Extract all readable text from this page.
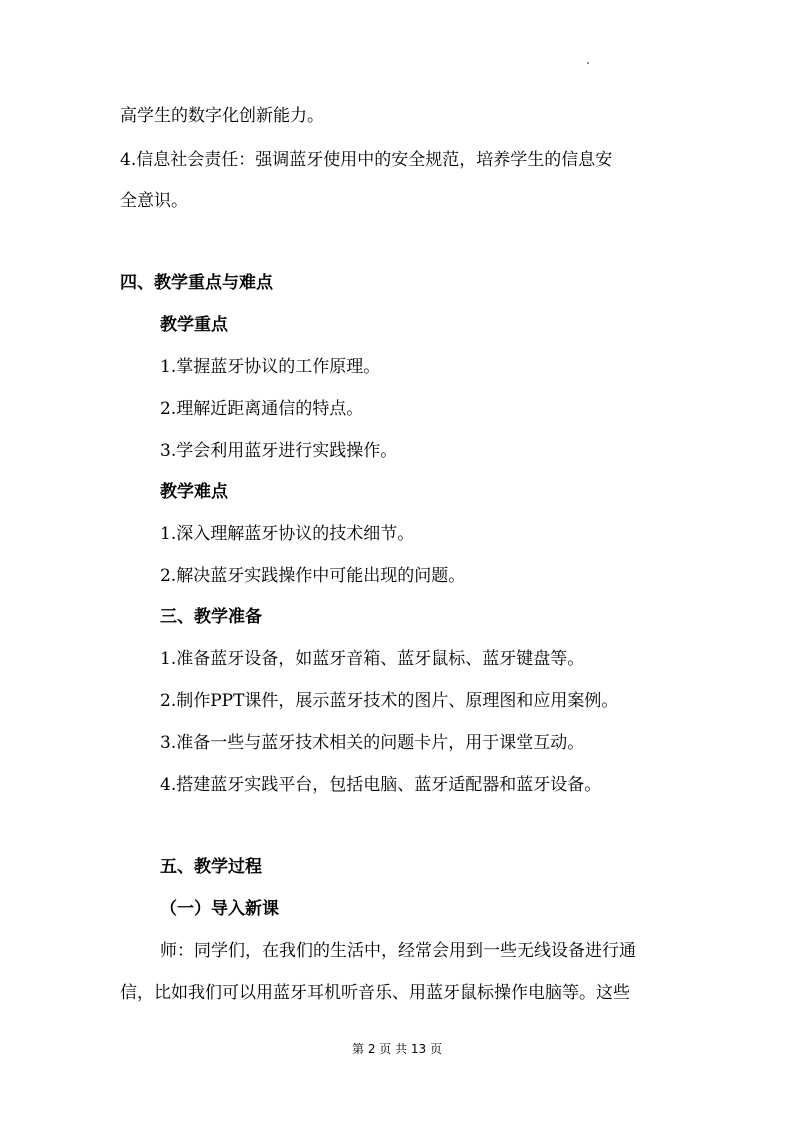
高学生的数字化创新能力。
4.信息社会责任：强调蓝牙使用中的安全规范，培养学生的信息安
全意识。
四、教学重点与难点
教学重点
1.掌握蓝牙协议的工作原理。
2.理解近距离通信的特点。
3.学会利用蓝牙进行实践操作。
教学难点
1.深入理解蓝牙协议的技术细节。
2.解决蓝牙实践操作中可能出现的问题。
三、教学准备
1.准备蓝牙设备，如蓝牙音箱、蓝牙鼠标、蓝牙键盘等。
2.制作PPT课件，展示蓝牙技术的图片、原理图和应用案例。
3.准备一些与蓝牙技术相关的问题卡片，用于课堂互动。
4.搭建蓝牙实践平台，包括电脑、蓝牙适配器和蓝牙设备。
五、教学过程
（一）导入新课
师：同学们，在我们的生活中，经常会用到一些无线设备进行通
信，比如我们可以用蓝牙耳机听音乐、用蓝牙鼠标操作电脑等。这些
第 2 页 共 13 页
